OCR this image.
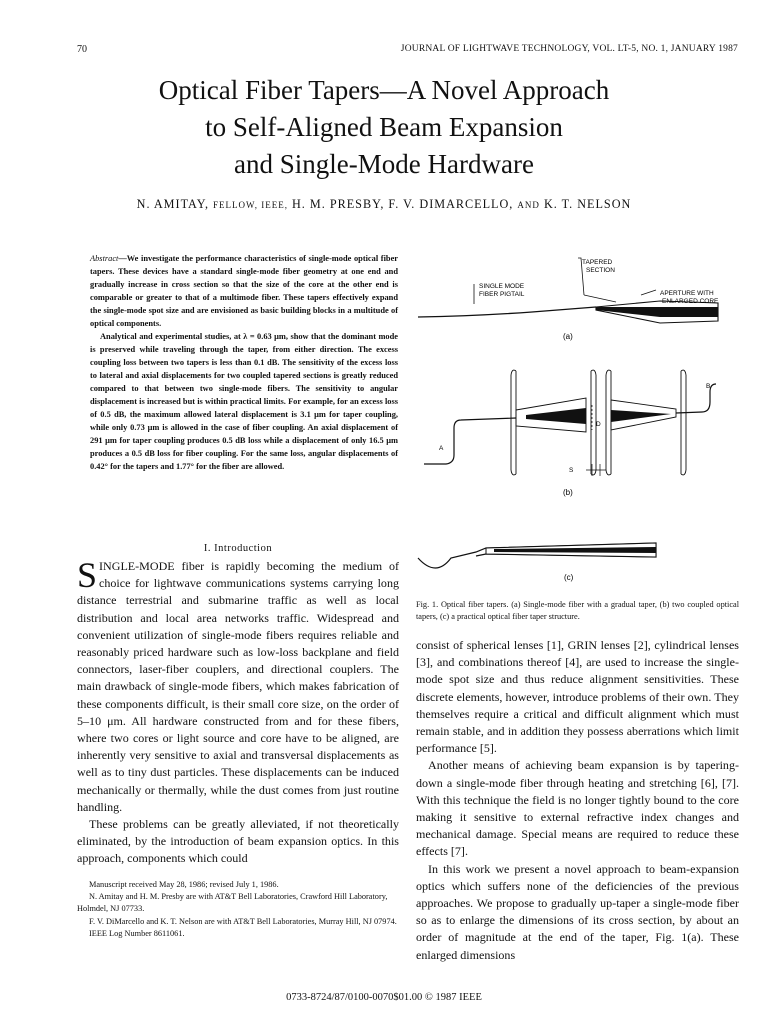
70	JOURNAL OF LIGHTWAVE TECHNOLOGY, VOL. LT-5, NO. 1, JANUARY 1987
Optical Fiber Tapers—A Novel Approach
to Self-Aligned Beam Expansion
and Single-Mode Hardware
N. AMITAY, FELLOW, IEEE, H. M. PRESBY, F. V. DIMARCELLO, AND K. T. NELSON

Abstract—We investigate the performance characteristics of single-mode optical fiber tapers. These devices have a standard single-mode fiber geometry at one end and gradually increase in cross section so that the size of the core at the other end is comparable or greater to that of a multimode fiber. These tapers effectively expand the single-mode spot size and are envisioned as basic building blocks in a multitude of optical components.

Analytical and experimental studies, at λ = 0.63 μm, show that the dominant mode is preserved while traveling through the taper, from either direction. The excess coupling loss between two tapers is less than 0.1 dB. The sensitivity of the excess loss to lateral and axial displacements for two coupled tapered sections is greatly reduced compared to that between two single-mode fibers. The sensitivity to angular displacement is increased but is within practical limits. For example, for an excess loss of 0.5 dB, the maximum allowed lateral displacement is 3.1 μm for taper coupling, while only 0.73 μm is allowed in the case of fiber coupling. An axial displacement of 291 μm for taper coupling produces 0.5 dB loss while a displacement of only 16.5 μm produces a 0.5 dB loss for fiber coupling. For the same loss, angular displacements of 0.42° for the tapers and 1.77° for the fiber are allowed.

TAPERED
SECTION
SINGLE MODE
FIBER PIGTAIL	APERTURE WITH
ENLARGED CORE
(a)
A
B
D
S
(b)
(c)
Fig. 1. Optical fiber tapers. (a) Single-mode fiber with a gradual taper, (b) two coupled optical tapers, (c) a practical optical fiber taper structure.
I. Introduction

SINGLE-MODE fiber is rapidly becoming the medium of choice for lightwave communications systems carrying long distance terrestrial and submarine traffic as well as local distribution and local area networks traffic. Widespread and convenient utilization of single-mode fibers requires reliable and reasonably priced hardware such as low-loss backplane and field connectors, laser-fiber couplers, and directional couplers. The main drawback of single-mode fibers, which makes fabrication of these components difficult, is their small core size, on the order of 5–10 μm. All hardware constructed from and for these fibers, where two cores or light source and core have to be aligned, are inherently very sensitive to axial and transversal displacements as well as to tiny dust particles. These displacements can be induced mechanically or thermally, while the dust comes from just routine handling.

These problems can be greatly alleviated, if not theoretically eliminated, by the introduction of beam expansion optics. In this approach, components which could

Manuscript received May 28, 1986; revised July 1, 1986.

N. Amitay and H. M. Presby are with AT&T Bell Laboratories, Crawford Hill Laboratory, Holmdel, NJ 07733.

F. V. DiMarcello and K. T. Nelson are with AT&T Bell Laboratories, Murray Hill, NJ 07974.

IEEE Log Number 8611061.

consist of spherical lenses [1], GRIN lenses [2], cylindrical lenses [3], and combinations thereof [4], are used to increase the single-mode spot size and thus reduce alignment sensitivities. These discrete elements, however, introduce problems of their own. They themselves require a critical and difficult alignment which must remain stable, and in addition they possess aberrations which limit performance [5].

Another means of achieving beam expansion is by tapering-down a single-mode fiber through heating and stretching [6], [7]. With this technique the field is no longer tightly bound to the core making it sensitive to external refractive index changes and mechanical damage. Special means are required to reduce these effects [7].

In this work we present a novel approach to beam-expansion optics which suffers none of the deficiencies of the previous approaches. We propose to gradually up-taper a single-mode fiber so as to enlarge the dimensions of its cross section, by about an order of magnitude at the end of the taper, Fig. 1(a). These enlarged dimensions

0733-8724/87/0100-0070$01.00 © 1987 IEEE
